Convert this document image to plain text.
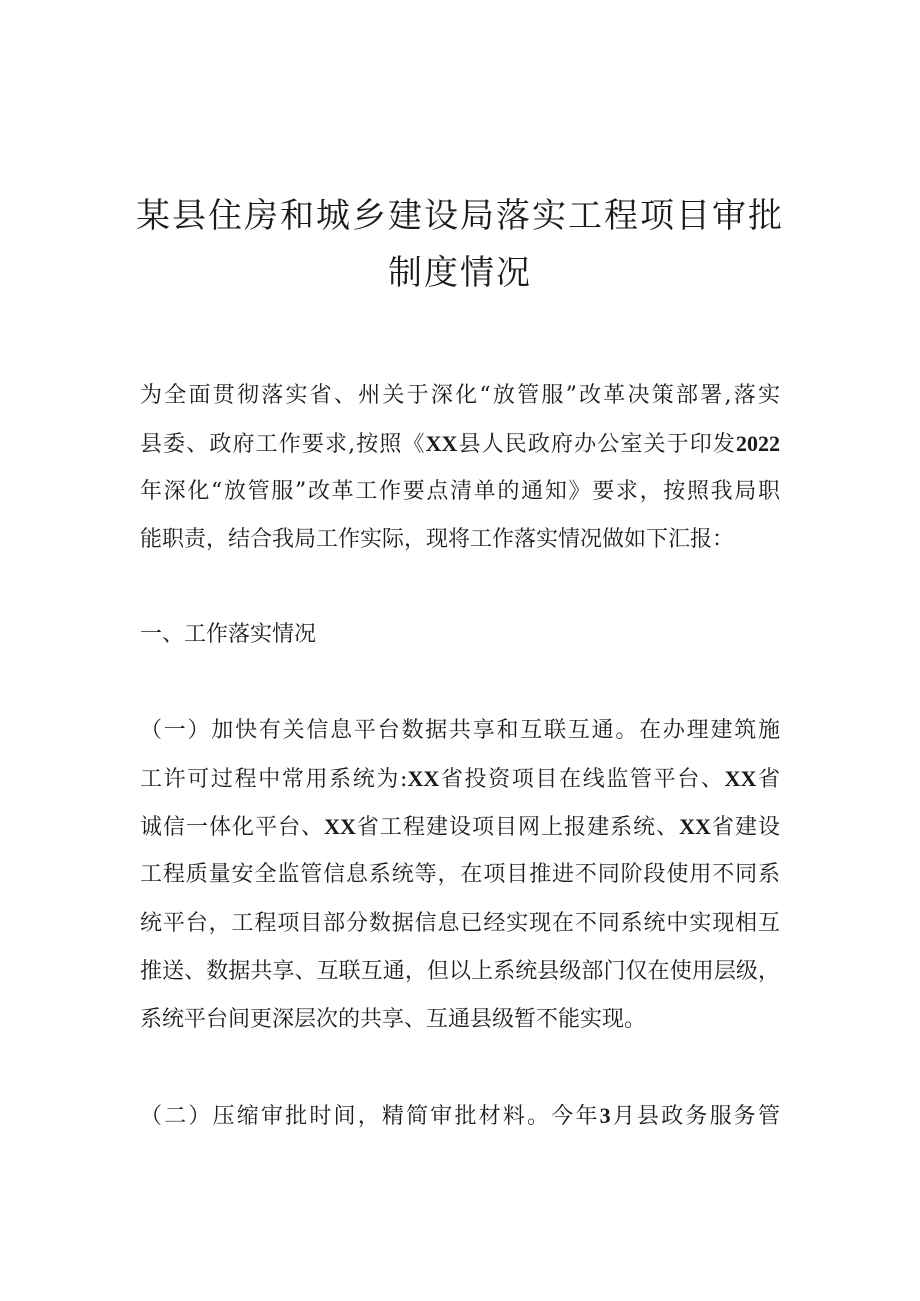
某县住房和城乡建设局落实工程项目审批
制度情况

为全面贯彻落实省、州关于深化“放管服”改革决策部署,落实

县委、政府工作要求,按照《XX县人民政府办公室关于印发2022

年深化“放管服”改革工作要点清单的通知》要求，按照我局职

能职责，结合我局工作实际，现将工作落实情况做如下汇报：

一、工作落实情况

（一）加快有关信息平台数据共享和互联互通。在办理建筑施

工许可过程中常用系统为:XX省投资项目在线监管平台、XX省

诚信一体化平台、XX省工程建设项目网上报建系统、XX省建设

工程质量安全监管信息系统等，在项目推进不同阶段使用不同系

统平台，工程项目部分数据信息已经实现在不同系统中实现相互

推送、数据共享、互联互通，但以上系统县级部门仅在使用层级，

系统平台间更深层次的共享、互通县级暂不能实现。

（二）压缩审批时间，精简审批材料。今年3月县政务服务管
